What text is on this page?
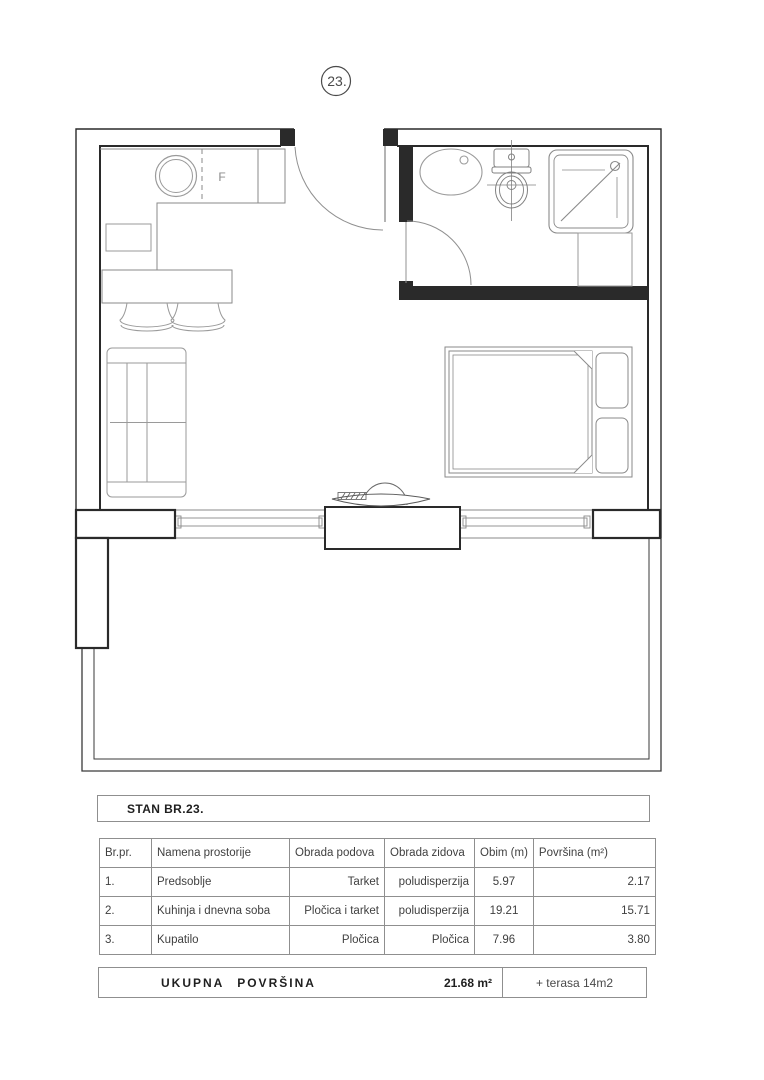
23.
F
STAN BR.23.
Br.pr.	Namena prostorije	Obrada podova	Obrada zidova	Obim (m)	Površina (m²)
1.	Predsoblje	Tarket	poludisperzija	5.97	2.17
2.	Kuhinja i dnevna soba	Pločica i tarket	poludisperzija	19.21	15.71
3.	Kupatilo	Pločica	Pločica	7.96	3.80
UKUPNA POVRŠINA	21.68 m²	+ terasa 14m2
